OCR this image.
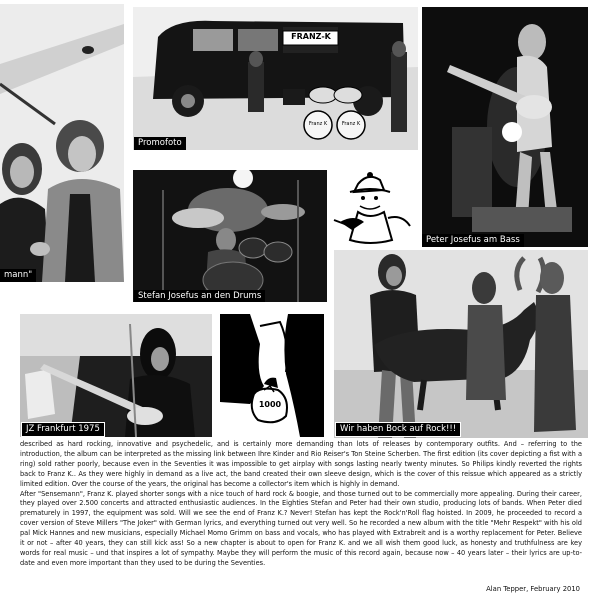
mann"
FRANZ-K
Franz K	Franz K
Promofoto
Peter Josefus am Bass
Stefan Josefus an den Drums
JZ Frankfurt 1975
1000
Wir haben Bock auf Rock!!!

described as hard rocking, innovative and psychedelic, and is certainly more demanding than lots of releases by contemporary outfits. And – referring to the introduction, the album can be interpreted as the missing link between Ihre Kinder and Rio Reiser's Ton Steine Scherben. The first edition (its cover depicting a fist with a ring) sold rather poorly, because even in the Seventies it was impossible to get airplay with songs lasting nearly twenty minutes. So Philips kindly reverted the rights back to Franz K.. As they were highly in demand as a live act, the band created their own sleeve design, which is the cover of this reissue which appeared as a strictly limited edition. Over the course of the years, the original has become a collector's item which is highly in demand.

After "Sensemann", Franz K. played shorter songs with a nice touch of hard rock & boogie, and those turned out to be commercially more appealing. During their career, they played over 2.500 concerts and attracted enthusiastic audiences. In the Eighties Stefan and Peter had their own studio, producing lots of bands. When Peter died prematurely in 1997, the equipment was sold. Will we see the end of Franz K.? Never! Stefan has kept the Rock'n'Roll flag hoisted. In 2009, he proceeded to record a cover version of Steve Millers "The Joker" with German lyrics, and everything turned out very well. So he recorded a new album with the title "Mehr Respekt" with his old pal Mick Hannes and new musicians, especially Michael Momo Grimm on bass and vocals, who has played with Extrabreit and is a worthy replacement for Peter. Believe it or not – after 40 years, they can still kick ass! So a new chapter is about to open for Franz K. and we all wish them good luck, as honesty and truthfulness are key words for real music – und that inspires a lot of sympathy. Maybe they will perform the music of this record again, because now – 40 years later – their lyrics are up-to-date and even more important than they used to be during the Seventies.

Alan Tepper, February 2010
